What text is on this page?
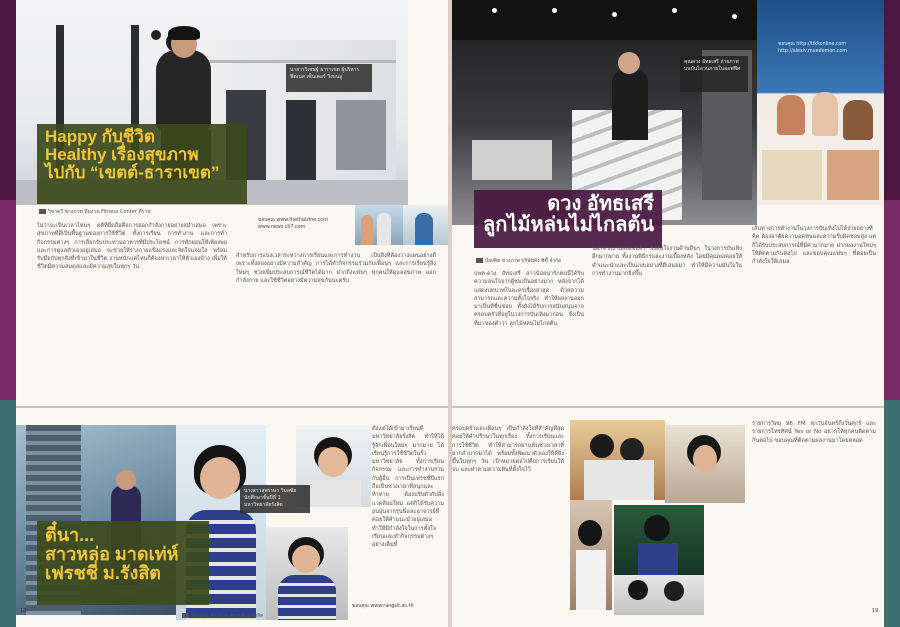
นายวรวิเชษฐ์ ธาราเขต ผู้บริหาร ฟิตเนส เซ็นเตอร์ วิ่งบนลู่
Happy กับชีวิต
Healthy เรื่องสุขภาพ
ไปกับ “เขตต์-ธาราเขต”
วิชาตวี ช่างภาพ ทีมงาน Fitness Center ที่ราช
ไม่ว่าจะเป็นเวลาไหนๆ คติที่ยึดถือคือการออกกำลังกายอย่างสม่ำเสมอ เพราะสุขภาพที่ดีเป็นพื้นฐานของการใช้ชีวิต ทั้งการเรียน การทำงาน และการทำกิจกรรมต่างๆ การเลือกรับประทานอาหารที่มีประโยชน์ การพักผ่อนให้เพียงพอ และการดูแลตัวเองอยู่เสมอ จะช่วยให้ร่างกายแข็งแรงและจิตใจแจ่มใส พร้อมรับมือกับทุกสิ่งที่เข้ามาในชีวิต งานหนักแค่ไหนก็ต้องหาเวลาให้ตัวเองบ้าง เพื่อให้ชีวิตมีความสมดุลและมีความสุขในทุกๆ วัน
ขอบคุณ www.thethaizine.com www.news.ch7.com
สำหรับการแบ่งเวลาระหว่างการเรียนและการทำงาน เป็นสิ่งที่ต้องวางแผนอย่างดี เพราะทั้งสองอย่างมีความสำคัญ การได้ทำกิจกรรมร่วมกับเพื่อนๆ และการเรียนรู้สิ่งใหม่ๆ ช่วยเพิ่มประสบการณ์ชีวิตได้มาก ฝากถึงแฟนๆ ทุกคนให้ดูแลสุขภาพ ออกกำลังกาย และใช้ชีวิตอย่างมีความสุขกันนะครับ
นางสาวสุพรรษา วิมลชัย นักศึกษาชั้นปีที่ 1 มหาวิทยาลัยรังสิต
ขอบคุณ www.rangsit.ac.th
ตี๋นา...
สาวหล่อ มาดเท่ห์
เฟรชชี่ ม.รังสิต
วิชาการ ช่างภาพ สถานที่ ม.รังสิต
ตั้งแต่ได้เข้ามาเรียนที่มหาวิทยาลัยรังสิต ทำให้ได้รู้จักเพื่อนใหม่ๆ มากมาย ได้เรียนรู้การใช้ชีวิตในรั้วมหาวิทยาลัย ทั้งการเรียน กิจกรรม และการทำงานร่วมกับผู้อื่น การเป็นเฟรชชี่ปีแรกถือเป็นช่วงเวลาที่สนุกและท้าทาย ต้องปรับตัวกับสิ่งแวดล้อมใหม่ แต่ก็ได้รับความอบอุ่นจากรุ่นพี่และอาจารย์ที่คอยให้คำแนะนำอยู่เสมอ ทำให้มีกำลังใจในการตั้งใจเรียนและทำกิจกรรมต่างๆ อย่างเต็มที่
18
คุณดวง อัทธเสรี ถ่ายภาพบนบันไดวนภายในออฟฟิศ
ขอบคุณ http://tikkonline.com http://alexiv.muedemon.com
ดวง อัทธเสรี
ลูกไม้หล่นไม่ไกลต้น
บัณฑิต ช่างภาพ บริษัทดัง ซิตี้ จำกัด
แพท-ดวง อัทธเสรี สาวน้อยน่ารักคนนี้ได้รับความสนใจจากผู้ชมเป็นอย่างมาก หลังจากได้แสดงบทบาทในละครเรื่องล่าสุด ด้วยความสามารถและความตั้งใจจริง ทำให้ผลงานออกมาเป็นที่ชื่นชอบ ทั้งยังได้รับการสนับสนุนจากครอบครัวที่อยู่ในวงการบันเทิงมาก่อน จึงเป็นที่มาของคำว่า ลูกไม้หล่นไม่ไกลต้น
นอกจากงานแสดงแล้ว ยังสนใจงานด้านอื่นๆ ในวงการบันเทิงอีกมากมาย ทั้งงานพิธีกรและงานเบื้องหลัง โดยมีคุณพ่อคอยให้คำแนะนำและเป็นแบบอย่างที่ดีเสมอมา ทำให้มีความมั่นใจในการทำงานมากยิ่งขึ้น
เส้นทางการทำงานในวงการบันเทิงไม่ได้ง่ายอย่างที่คิด ต้องอาศัยความอดทนและความรับผิดชอบสูง แต่ก็ได้รับประสบการณ์ที่มีค่ามากมาย ฝากผลงานใหม่ๆ ให้ติดตามกันต่อไป และขอบคุณแฟนๆ ที่คอยเป็นกำลังใจให้เสมอ
ครอบครัวและเพื่อนๆ เป็นกำลังใจที่สำคัญที่สุด คอยให้คำปรึกษาในทุกเรื่อง ทั้งการเรียนและการใช้ชีวิต ทำให้สามารถผ่านพ้นช่วงเวลาที่ยากลำบากมาได้ พร้อมทั้งพัฒนาตัวเองให้ดียิ่งขึ้นในทุกๆ วัน เป้าหมายต่อไปคือการเรียนให้จบ และทำตามความฝันที่ตั้งใจไว้
รายการวิทยุ 96 FM ทุกวันจันทร์ถึงวันศุกร์ และรายการโทรทัศน์ Yes or No อยากให้ทุกคนติดตามกันต่อไป ขอบคุณที่ติดตามผลงานมาโดยตลอด
19
